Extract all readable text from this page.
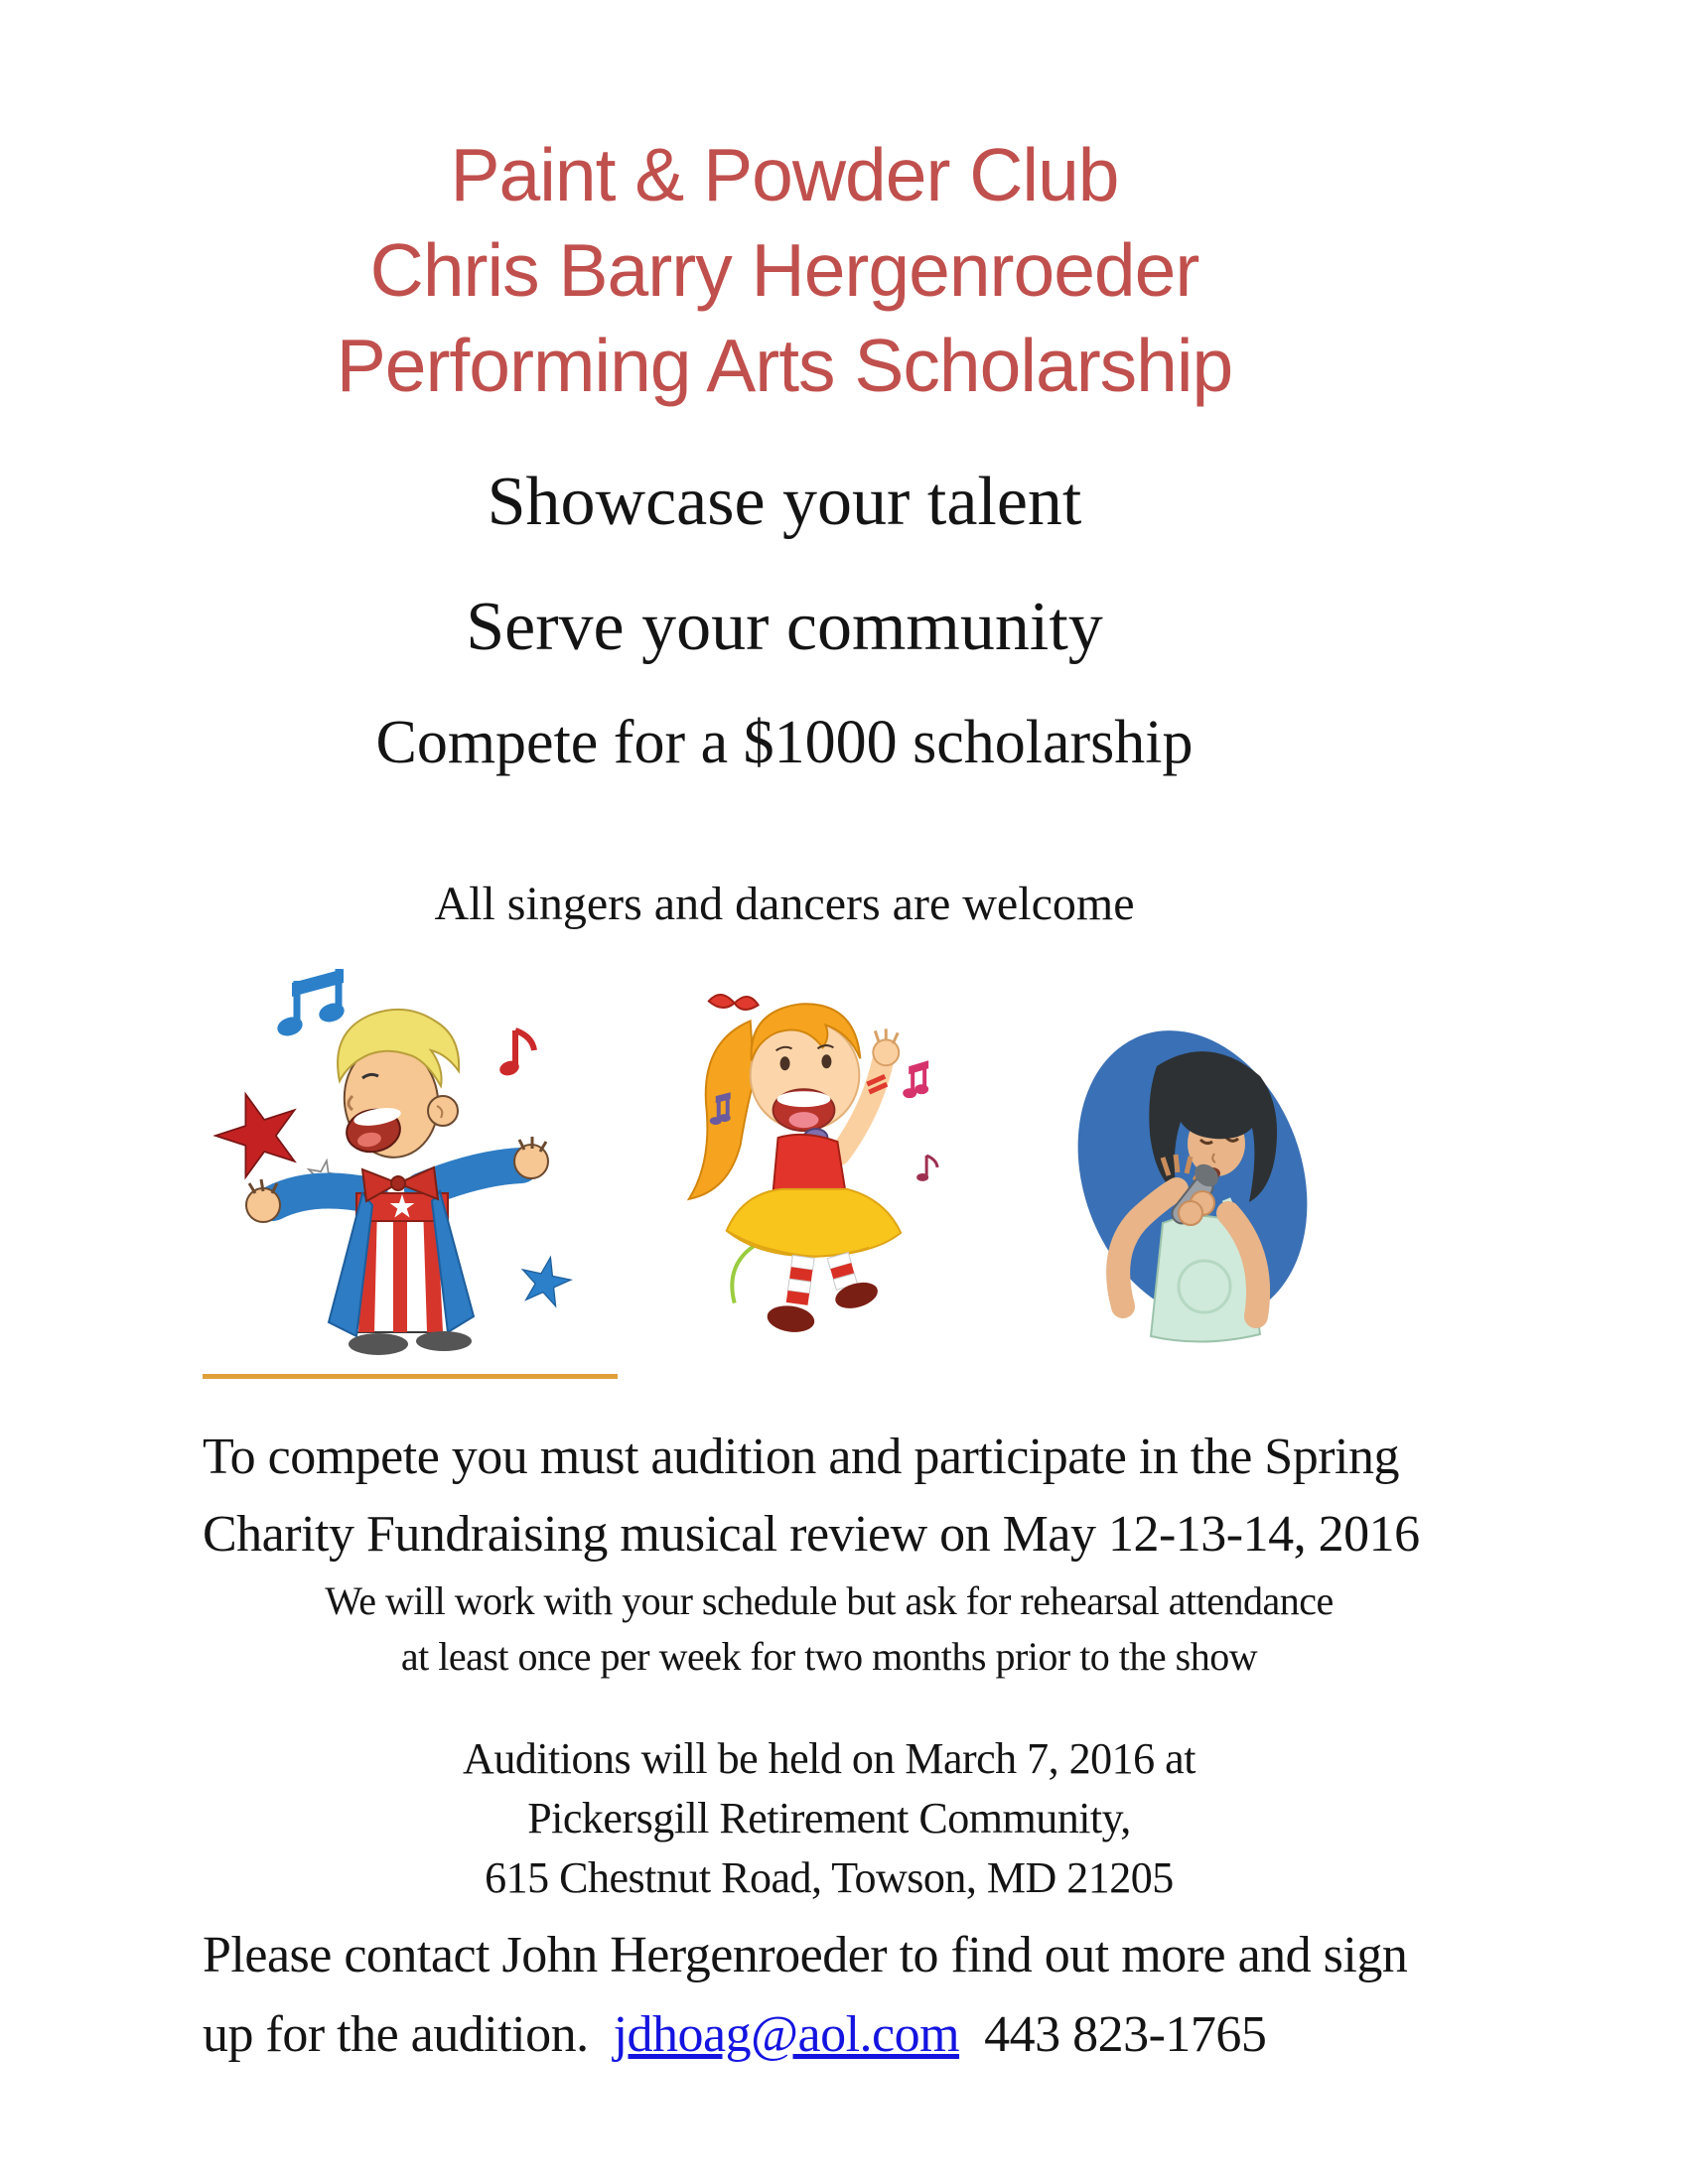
Paint & Powder Club
Chris Barry Hergenroeder
Performing Arts Scholarship
Showcase your talent
Serve your community
Compete for a $1000 scholarship
All singers and dancers are welcome

To compete you must audition and participate in the Spring
Charity Fundraising musical review on May 12-13-14, 2016

We will work with your schedule but ask for rehearsal attendance
at least once per week for two months prior to the show

Auditions will be held on March 7, 2016 at
Pickersgill Retirement Community,
615 Chestnut Road, Towson, MD 21205

Please contact John Hergenroeder to find out more and sign
up for the audition.  jdhoag@aol.com  443 823-1765
